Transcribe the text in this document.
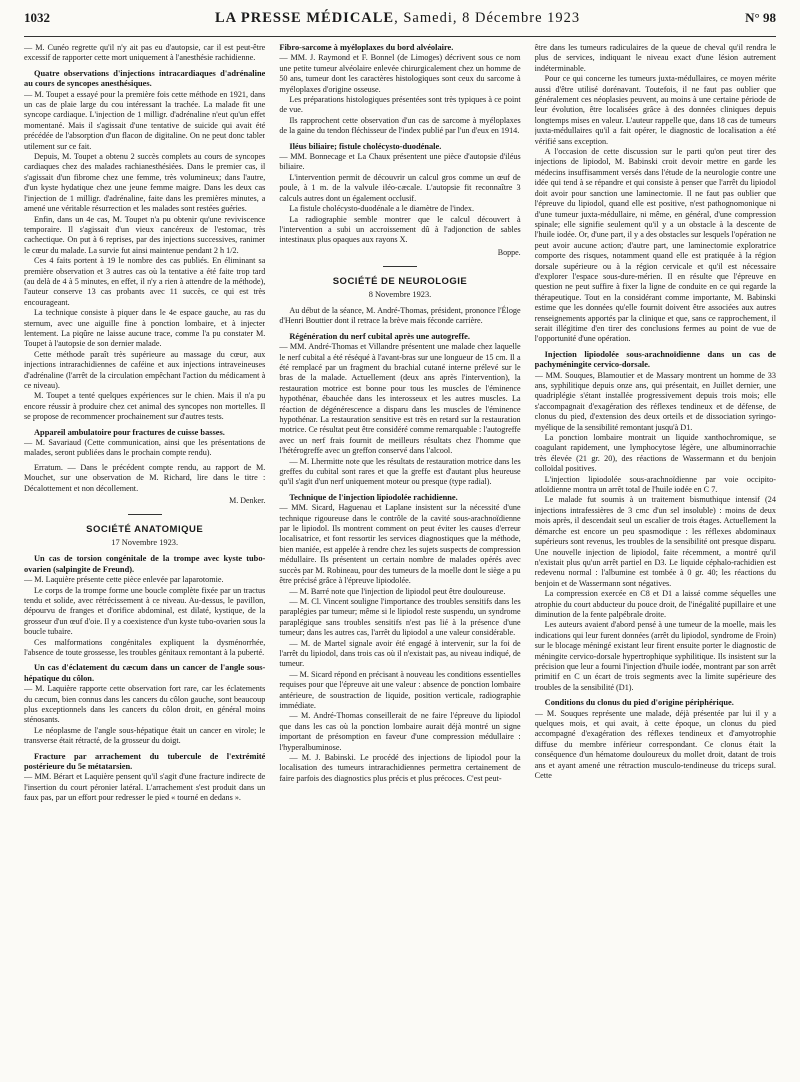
1032	LA PRESSE MÉDICALE, Samedi, 8 Décembre 1923	N° 98

— M. Cunéo regrette qu'il n'y ait pas eu d'autopsie, car il est peut-être excessif de rapporter cette mort uniquement à l'anesthésie rachidienne.

Quatre observations d'injections intracardiaques d'adrénaline au cours de syncopes anesthésiques.

— M. Toupet a essayé pour la première fois cette méthode en 1921, dans un cas de plaie large du cou intéressant la trachée. La malade fit une syncope cardiaque. L'injection de 1 milligr. d'adrénaline n'eut qu'un effet momentané. Mais il s'agissait d'une tentative de suicide qui avait été précédée de l'absorption d'un flacon de digitaline. On ne peut donc tabler utilement sur ce fait.

Depuis, M. Toupet a obtenu 2 succès complets au cours de syncopes cardiaques chez des malades rachianesthésiées. Dans le premier cas, il s'agissait d'un fibrome chez une femme, très volumineux; dans l'autre, d'un kyste hydatique chez une jeune femme maigre. Dans les deux cas l'injection de 1 milligr. d'adrénaline, faite dans les premières minutes, a amené une véritable résurrection et les malades sont restées guéries.

Enfin, dans un 4e cas, M. Toupet n'a pu obtenir qu'une reviviscence temporaire. Il s'agissait d'un vieux cancéreux de l'estomac, très cachectique. On put à 6 reprises, par des injections successives, ranimer le cœur du malade. La survie fut ainsi maintenue pendant 2 h 1/2.

Ces 4 faits portent à 19 le nombre des cas publiés. En éliminant sa première observation et 3 autres cas où la tentative a été faite trop tard (au delà de 4 à 5 minutes, en effet, il n'y a rien à attendre de la méthode), l'auteur conserve 13 cas probants avec 11 succès, ce qui est très encourageant.

La technique consiste à piquer dans le 4e espace gauche, au ras du sternum, avec une aiguille fine à ponction lombaire, et à injecter lentement. La piqûre ne laisse aucune trace, comme l'a pu constater M. Toupet à l'autopsie de son dernier malade.

Cette méthode paraît très supérieure au massage du cœur, aux injections intrarachidiennes de caféine et aux injections intraveineuses d'adrénaline (l'arrêt de la circulation empêchant l'action du médicament à ce niveau).

M. Toupet a tenté quelques expériences sur le chien. Mais il n'a pu encore réussir à produire chez cet animal des syncopes non mortelles. Il se propose de recommencer prochainement sur d'autres tests.

Appareil ambulatoire pour fractures de cuisse basses.

— M. Savariaud (Cette communication, ainsi que les présentations de malades, seront publiées dans le prochain compte rendu).

Erratum. — Dans le précédent compte rendu, au rapport de M. Mouchet, sur une observation de M. Richard, lire dans le titre : Décalottement et non décollement.

M. Denker.
SOCIÉTÉ ANATOMIQUE
17 Novembre 1923.
Un cas de torsion congénitale de la trompe avec kyste tubo-ovarien (salpingite de Freund).

— M. Laquière présente cette pièce enlevée par laparotomie.

Le corps de la trompe forme une boucle complète fixée par un tractus tendu et solide, avec rétrécissement à ce niveau. Au-dessus, le pavillon, dépourvu de franges et d'orifice abdominal, est dilaté, kystique, de la grosseur d'un œuf d'oie. Il y a coexistence d'un kyste tubo-ovarien sous la boucle tubaire.

Ces malformations congénitales expliquent la dysménorrhée, l'absence de toute grossesse, les troubles génitaux remontant à la puberté.

Un cas d'éclatement du cæcum dans un cancer de l'angle sous-hépatique du côlon.

— M. Laquière rapporte cette observation fort rare, car les éclatements du cæcum, bien connus dans les cancers du côlon gauche, sont beaucoup plus exceptionnels dans les cancers du côlon droit, en général moins sténosants.

Le néoplasme de l'angle sous-hépatique était un cancer en virole; le transverse était rétracté, de la grosseur du doigt.

Fracture par arrachement du tubercule de l'extrémité postérieure du 5e métatarsien.

— MM. Bérart et Laquière pensent qu'il s'agit d'une fracture indirecte de l'insertion du court péronier latéral. L'arrachement s'est produit dans un faux pas, par un effort pour redresser le pied « tourné en dedans ».

Fibro-sarcome à myéloplaxes du bord alvéolaire.

— MM. J. Raymond et F. Bonnel (de Limoges) décrivent sous ce nom une petite tumeur alvéolaire enlevée chirurgicalement chez un homme de 50 ans, tumeur dont les caractères histologiques sont ceux du sarcome à myéloplaxes d'origine osseuse.

Les préparations histologiques présentées sont très typiques à ce point de vue.

Ils rapprochent cette observation d'un cas de sarcome à myéloplaxes de la gaine du tendon fléchisseur de l'index publié par l'un d'eux en 1914.

Iléus biliaire; fistule cholécysto-duodénale.

— MM. Bonnecage et La Chaux présentent une pièce d'autopsie d'iléus biliaire.

L'intervention permit de découvrir un calcul gros comme un œuf de poule, à 1 m. de la valvule iléo-cæcale. L'autopsie fit reconnaître 3 calculs autres dont un également occlusif.

La fistule cholécysto-duodénale a le diamètre de l'index.

La radiographie semble montrer que le calcul découvert à l'intervention a subi un accroissement dû à l'adjonction de sables intestinaux plus opaques aux rayons X.

Boppe.
SOCIÉTÉ DE NEUROLOGIE
8 Novembre 1923.

Au début de la séance, M. André-Thomas, président, prononce l'Éloge d'Henri Bouttier dont il retrace la brève mais féconde carrière.

Régénération du nerf cubital après une autogreffe.

— MM. André-Thomas et Villandre présentent une malade chez laquelle le nerf cubital a été réséqué à l'avant-bras sur une longueur de 15 cm. Il a été remplacé par un fragment du brachial cutané interne prélevé sur le bras de la malade. Actuellement (deux ans après l'intervention), la restauration motrice est bonne pour tous les muscles de l'éminence hypothénar, ébauchée dans les interosseux et les autres muscles. La réaction de dégénérescence a disparu dans les muscles de l'éminence hypothénar. La restauration sensitive est très en retard sur la restauration motrice. Ce résultat peut être considéré comme remarquable : l'autogreffe avec un nerf frais fournit de meilleurs résultats chez l'homme que l'hétérogreffe avec un greffon conservé dans l'alcool.

— M. Lhermitte note que les résultats de restauration motrice dans les greffes du cubital sont rares et que la greffe est d'autant plus heureuse qu'il s'agit d'un nerf uniquement moteur ou presque (type radial).

Technique de l'injection lipiodolée rachidienne.

— MM. Sicard, Haguenau et Laplane insistent sur la nécessité d'une technique rigoureuse dans le contrôle de la cavité sous-arachnoïdienne par le lipiodol. Ils montrent comment on peut éviter les causes d'erreur localisatrice, et font ressortir les services diagnostiques que la méthode, bien maniée, est appelée à rendre chez les sujets suspects de compression médullaire. Ils présentent un certain nombre de malades opérés avec succès par M. Robineau, pour des tumeurs de la moelle dont le siège a pu être précisé grâce à l'épreuve lipiodolée.

— M. Barré note que l'injection de lipiodol peut être douloureuse.

— M. Cl. Vincent souligne l'importance des troubles sensitifs dans les paraplégies par tumeur; même si le lipiodol reste suspendu, un syndrome paraplégique sans troubles sensitifs n'est pas lié à la présence d'une tumeur; dans les autres cas, l'arrêt du lipiodol a une valeur considérable.

— M. de Martel signale avoir été engagé à intervenir, sur la foi de l'arrêt du lipiodol, dans trois cas où il n'existait pas, au niveau indiqué, de tumeur.

— M. Sicard répond en précisant à nouveau les conditions essentielles requises pour que l'épreuve ait une valeur : absence de ponction lombaire antérieure, de soustraction de liquide, position verticale, radiographie immédiate.

— M. André-Thomas conseillerait de ne faire l'épreuve du lipiodol que dans les cas où la ponction lombaire aurait déjà montré un signe important de présomption en faveur d'une compression médullaire : l'hyperalbuminose.

— M. J. Babinski. Le procédé des injections de lipiodol pour la localisation des tumeurs intrarachidiennes permettra certainement de faire parfois des diagnostics plus précis et plus précoces. C'est peut-

être dans les tumeurs radiculaires de la queue de cheval qu'il rendra le plus de services, indiquant le niveau exact d'une lésion autrement indéterminable.

Pour ce qui concerne les tumeurs juxta-médullaires, ce moyen mérite aussi d'être utilisé dorénavant. Toutefois, il ne faut pas oublier que généralement ces néoplasies peuvent, au moins à une certaine période de leur évolution, être localisées grâce à des données cliniques depuis longtemps mises en valeur. L'auteur rappelle que, dans 18 cas de tumeurs juxta-médullaires qu'il a fait opérer, le diagnostic de localisation a été vérifié sans exception.

A l'occasion de cette discussion sur le parti qu'on peut tirer des injections de lipiodol, M. Babinski croit devoir mettre en garde les médecins insuffisamment versés dans l'étude de la neurologie contre une idée qui tend à se répandre et qui consiste à penser que l'arrêt du lipiodol doit avoir pour sanction une laminectomie. Il ne faut pas oublier que l'épreuve du lipiodol, quand elle est positive, n'est pathognomonique ni d'une tumeur juxta-médullaire, ni même, en général, d'une compression spinale; elle signifie seulement qu'il y a un obstacle à la descente de l'huile iodée. Or, d'une part, il y a des obstacles sur lesquels l'opération ne peut avoir aucune action; d'autre part, une laminectomie exploratrice comporte des risques, notamment quand elle est pratiquée à la région dorsale supérieure ou à la région cervicale et qu'il est nécessaire d'explorer l'espace sous-dure-mérien. Il en résulte que l'épreuve en question ne peut suffire à fixer la ligne de conduite en ce qui regarde la thérapeutique. Tout en la considérant comme importante, M. Babinski estime que les données qu'elle fournit doivent être associées aux autres renseignements apportés par la clinique et que, sans ce rapprochement, il serait illégitime d'en tirer des conclusions fermes au point de vue de l'opportunité d'une opération.

Injection lipiodolée sous-arachnoïdienne dans un cas de pachyméningite cervico-dorsale.

— MM. Souques, Blamoutier et de Massary montrent un homme de 33 ans, syphilitique depuis onze ans, qui présentait, en Juillet dernier, une quadriplégie s'étant installée progressivement depuis trois mois; elle s'accompagnait d'exagération des réflexes tendineux et de défense, de clonus du pied, d'extension des deux orteils et de dissociation syringo-myélique de la sensibilité remontant jusqu'à D1.

La ponction lombaire montrait un liquide xanthochromique, se coagulant rapidement, une lymphocytose légère, une albuminorrachie très élevée (21 gr. 20), des réactions de Wassermann et du benjoin colloïdal positives.

L'injection lipiodolée sous-arachnoïdienne par voie occipito-atloïdienne montra un arrêt total de l'huile iodée en C 7.

Le malade fut soumis à un traitement bismuthique intensif (24 injections intrafessières de 3 cmc d'un sel insoluble) : moins de deux mois après, il descendait seul un escalier de trois étages. Actuellement la démarche est encore un peu spasmodique : les réflexes abdominaux supérieurs sont revenus, les troubles de la sensibilité ont presque disparu. Une nouvelle injection de lipiodol, faite récemment, a montré qu'il n'existait plus qu'un arrêt partiel en D3. Le liquide céphalo-rachidien est redevenu normal : l'albumine est tombée à 0 gr. 40; les réactions du benjoin et de Wassermann sont négatives.

La compression exercée en C8 et D1 a laissé comme séquelles une atrophie du court abducteur du pouce droit, de l'inégalité pupillaire et une diminution de la fente palpébrale droite.

Les auteurs avaient d'abord pensé à une tumeur de la moelle, mais les indications qui leur furent données (arrêt du lipiodol, syndrome de Froin) sur le blocage méningé existant leur firent ensuite porter le diagnostic de méningite cervico-dorsale hypertrophique syphilitique. Ils insistent sur la précision que leur a fourni l'injection d'huile iodée, montrant par son arrêt primitif en C un écart de trois segments avec la limite supérieure des troubles de la sensibilité (D1).

Conditions du clonus du pied d'origine périphérique.

— M. Souques représente une malade, déjà présentée par lui il y a quelques mois, et qui avait, à cette époque, un clonus du pied accompagné d'exagération des réflexes tendineux et d'amyotrophie diffuse du membre inférieur correspondant. Ce clonus était la conséquence d'un hématome douloureux du mollet droit, datant de trois ans et ayant amené une rétraction musculo-tendineuse du triceps sural. Cette
